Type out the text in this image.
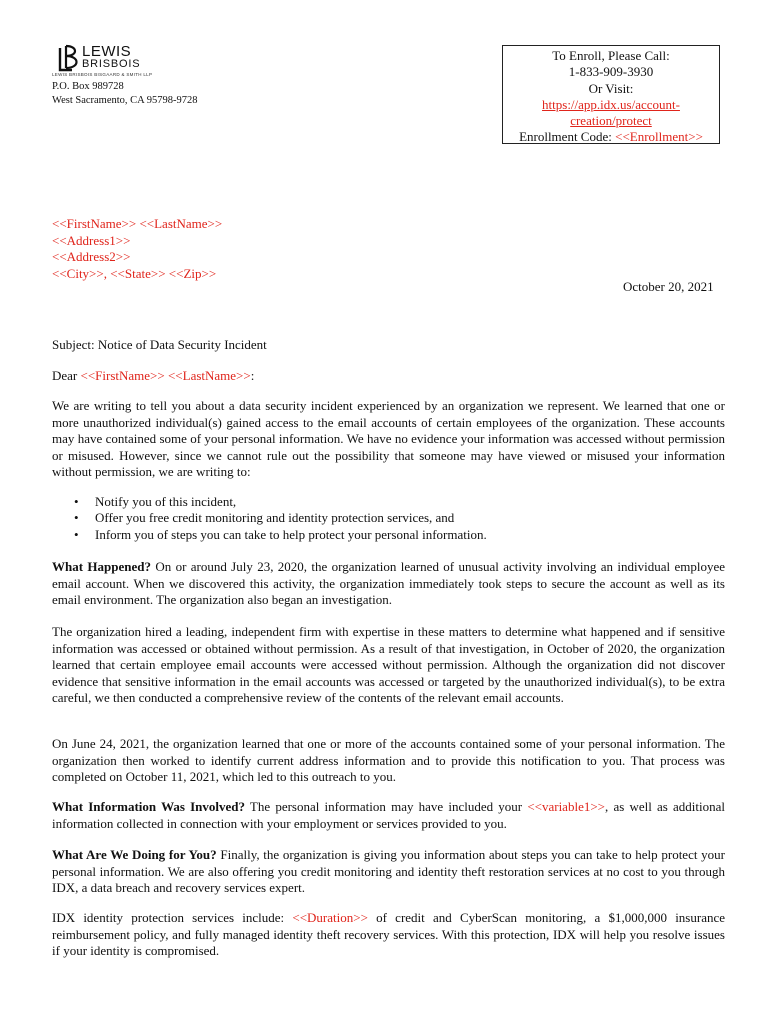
LEWIS
BRISBOIS
LEWIS BRISBOIS BISGAARD & SMITH LLP
P.O. Box 989728
West Sacramento, CA 95798-9728
To Enroll, Please Call:
1-833-909-3930
Or Visit:
https://app.idx.us/account-
creation/protect
Enrollment Code: <<Enrollment>>
<<FirstName>> <<LastName>>
<<Address1>>
<<Address2>>
<<City>>, <<State>> <<Zip>>
October 20, 2021
Subject: Notice of Data Security Incident
Dear <<FirstName>> <<LastName>>:
We are writing to tell you about a data security incident experienced by an organization we represent. We learned that one or more unauthorized individual(s) gained access to the email accounts of certain employees of the organization. These accounts may have contained some of your personal information. We have no evidence your information was accessed without permission or misused. However, since we cannot rule out the possibility that someone may have viewed or misused your information without permission, we are writing to:
• Notify you of this incident,
• Offer you free credit monitoring and identity protection services, and
• Inform you of steps you can take to help protect your personal information.
What Happened? On or around July 23, 2020, the organization learned of unusual activity involving an individual employee email account. When we discovered this activity, the organization immediately took steps to secure the account as well as its email environment. The organization also began an investigation.
The organization hired a leading, independent firm with expertise in these matters to determine what happened and if sensitive information was accessed or obtained without permission. As a result of that investigation, in October of 2020, the organization learned that certain employee email accounts were accessed without permission. Although the organization did not discover evidence that sensitive information in the email accounts was accessed or targeted by the unauthorized individual(s), to be extra careful, we then conducted a comprehensive review of the contents of the relevant email accounts.
On June 24, 2021, the organization learned that one or more of the accounts contained some of your personal information. The organization then worked to identify current address information and to provide this notification to you. That process was completed on October 11, 2021, which led to this outreach to you.
What Information Was Involved? The personal information may have included your <<variable1>>, as well as additional information collected in connection with your employment or services provided to you.
What Are We Doing for You? Finally, the organization is giving you information about steps you can take to help protect your personal information. We are also offering you credit monitoring and identity theft restoration services at no cost to you through IDX, a data breach and recovery services expert.
IDX identity protection services include: <<Duration>> of credit and CyberScan monitoring, a $1,000,000 insurance reimbursement policy, and fully managed identity theft recovery services. With this protection, IDX will help you resolve issues if your identity is compromised.
